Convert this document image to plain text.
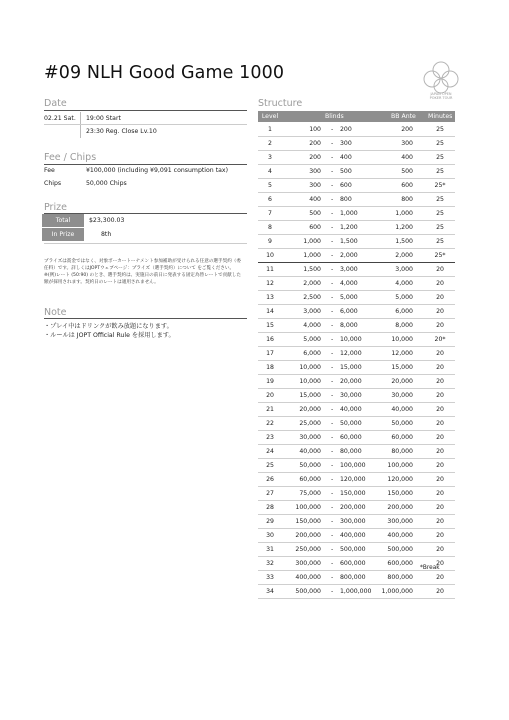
#09 NLH Good Game 1000
JAPAN OPEN
POKER TOUR
Date
02.21 Sat. 19:00 Start
23:30 Reg. Close Lv.10
Fee / Chips
Fee	¥100,000 (including ¥9,091 consumption tax)
Chips	50,000 Chips
Prize
Total	$23,300.03
In Prize	8th
プライズは賞金ではなく、対象ポーカートーナメント参加補助が受けられる任意の選手契約（委任料）です。詳しくはJOPTウェブページ：プライズ（選手契約）について をご覧ください。※(例)レート (50:90) のとき、選手契約は、実施日の前日に発表する固定為替レートで貢献した額が採用されます。契約日のレートは適用されません。
Note
・プレイ中はドリンクが飲み放題になります。
・ルールは JOPT Official Rule を採用します。
Structure
Level	Blinds	BB Ante Minutes
1	100 - 200	200	25
2	200 - 300	300	25
3	200 - 400	400	25
4	300 - 500	500	25
5	300 - 600	600	25*
6	400 - 800	800	25
7	500 - 1,000	1,000	25
8	600 - 1,200	1,200	25
9	1,000 - 1,500	1,500	25
10	1,000 - 2,000	2,000	25*
11	1,500 - 3,000	3,000	20
12	2,000 - 4,000	4,000	20
13	2,500 - 5,000	5,000	20
14	3,000 - 6,000	6,000	20
15	4,000 - 8,000	8,000	20
16	5,000 - 10,000	10,000	20*
17	6,000 - 12,000	12,000	20
18	10,000 - 15,000	15,000	20
19	10,000 - 20,000	20,000	20
20	15,000 - 30,000	30,000	20
21	20,000 - 40,000	40,000	20
22	25,000 - 50,000	50,000	20
23	30,000 - 60,000	60,000	20
24	40,000 - 80,000	80,000	20
25	50,000 - 100,000	100,000	20
26	60,000 - 120,000	120,000	20
27	75,000 - 150,000	150,000	20
28	100,000 - 200,000	200,000	20
29	150,000 - 300,000	300,000	20
30	200,000 - 400,000	400,000	20
31	250,000 - 500,000	500,000	20
32	300,000 - 600,000	600,000	20
33	400,000 - 800,000	800,000	20
34	500,000 - 1,000,000 1,000,000	20
*Break
